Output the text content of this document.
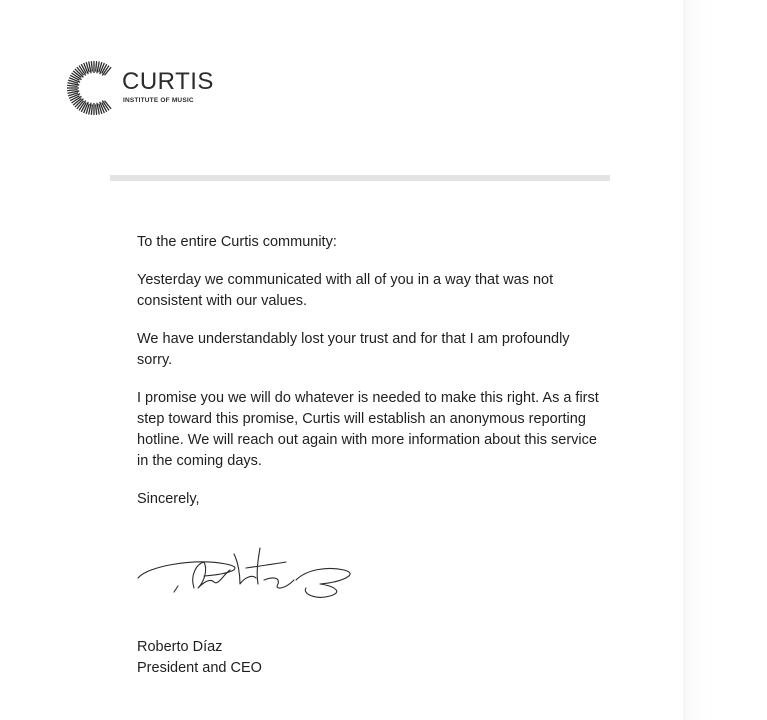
CURTIS
INSTITUTE OF MUSIC

To the entire Curtis community:

Yesterday we communicated with all of you in a way that was not consistent with our values.

We have understandably lost your trust and for that I am profoundly sorry.

I promise you we will do whatever is needed to make this right. As a first step toward this promise, Curtis will establish an anonymous reporting hotline. We will reach out again with more information about this service in the coming days.

Sincerely,

Roberto Díaz
President and CEO
